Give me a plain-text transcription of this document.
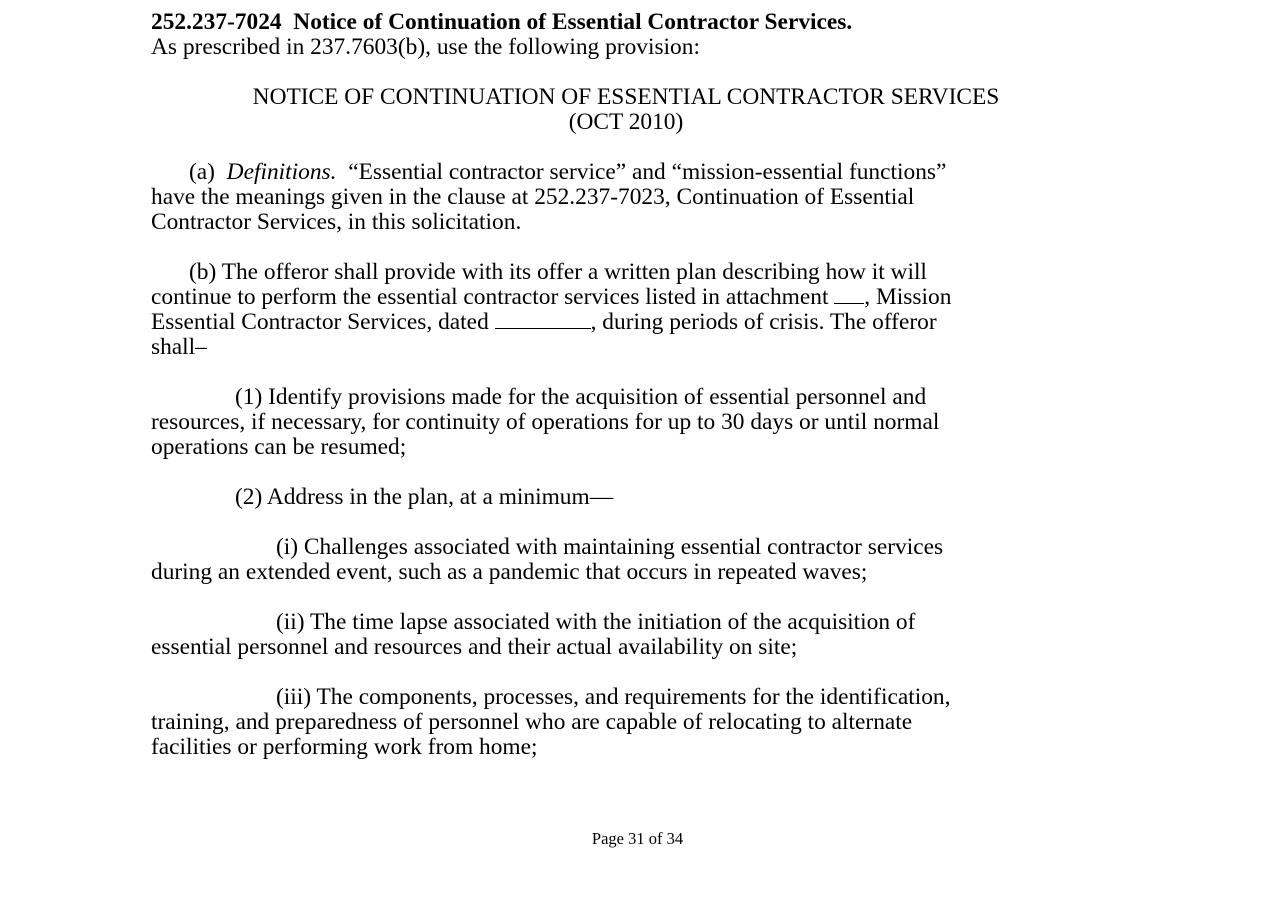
252.237-7024 Notice of Continuation of Essential Contractor Services.

As prescribed in 237.7603(b), use the following provision:

NOTICE OF CONTINUATION OF ESSENTIAL CONTRACTOR SERVICES
(OCT 2010)
(a) Definitions. “Essential contractor service” and “mission-essential functions”
have the meanings given in the clause at 252.237-7023, Continuation of Essential
Contractor Services, in this solicitation.
(b) The offeror shall provide with its offer a written plan describing how it will
continue to perform the essential contractor services listed in attachment , Mission
Essential Contractor Services, dated	, during periods of crisis. The offeror
shall–
(1) Identify provisions made for the acquisition of essential personnel and
resources, if necessary, for continuity of operations for up to 30 days or until normal
operations can be resumed;
(2) Address in the plan, at a minimum—
(i) Challenges associated with maintaining essential contractor services
during an extended event, such as a pandemic that occurs in repeated waves;
(ii) The time lapse associated with the initiation of the acquisition of
essential personnel and resources and their actual availability on site;
(iii) The components, processes, and requirements for the identification,
training, and preparedness of personnel who are capable of relocating to alternate
facilities or performing work from home;
Page 31 of 34
